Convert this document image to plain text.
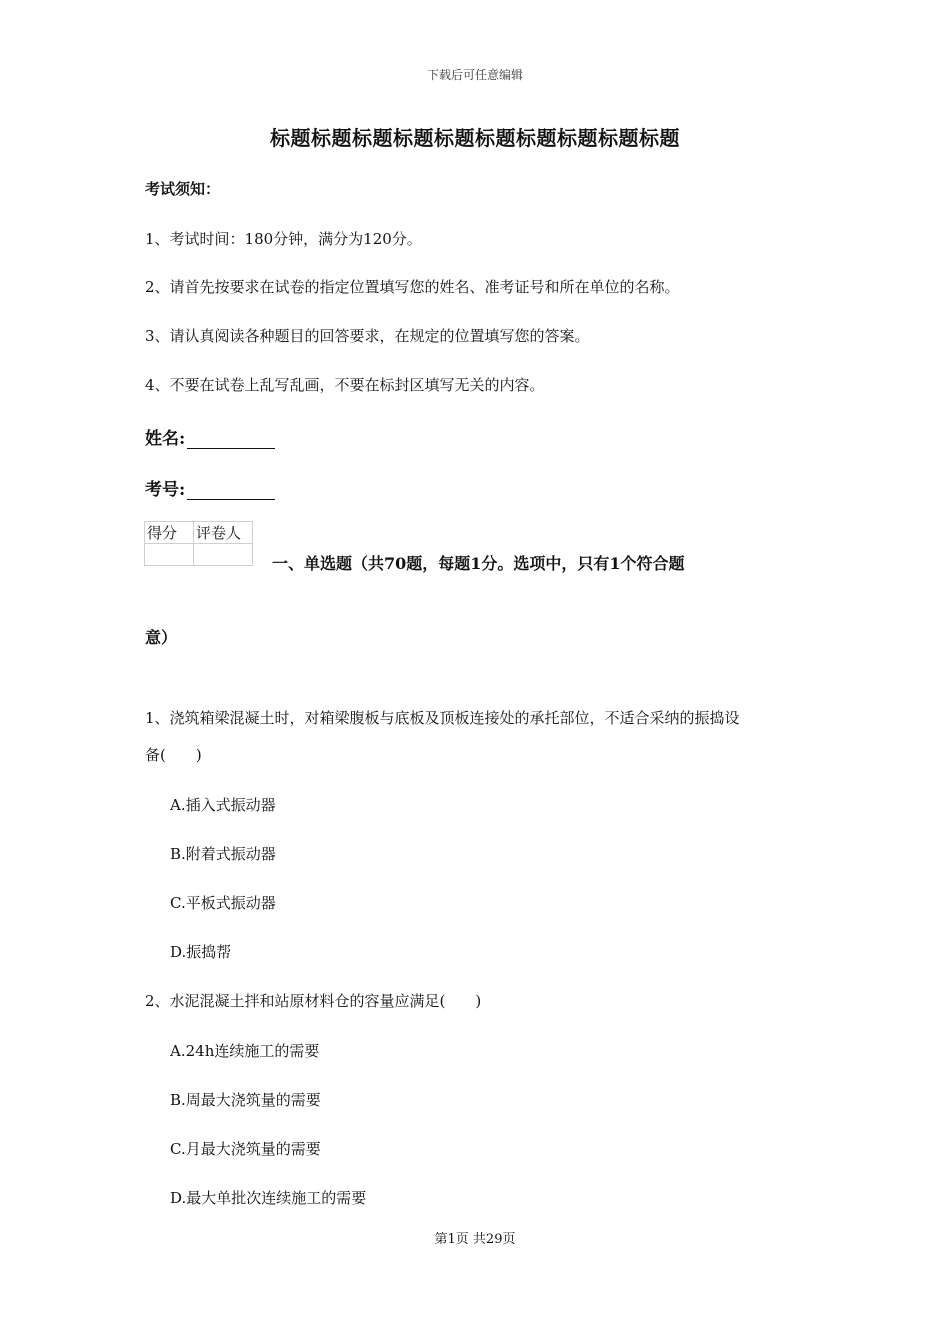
下载后可任意编辑
标题标题标题标题标题标题标题标题标题标题
考试须知：
1、考试时间：180分钟，满分为120分。
2、请首先按要求在试卷的指定位置填写您的姓名、准考证号和所在单位的名称。
3、请认真阅读各种题目的回答要求，在规定的位置填写您的答案。
4、不要在试卷上乱写乱画，不要在标封区填写无关的内容。
姓名:
考号:
得分	评卷人

一、单选题（共70题，每题1分。选项中，只有1个符合题
意）
1、浇筑箱梁混凝土时，对箱梁腹板与底板及顶板连接处的承托部位，不适合采纳的振捣设
备(　　)
A.插入式振动器
B.附着式振动器
C.平板式振动器
D.振捣帮
2、水泥混凝土拌和站原材料仓的容量应满足(　　)
A.24h连续施工的需要
B.周最大浇筑量的需要
C.月最大浇筑量的需要
D.最大单批次连续施工的需要
第1页 共29页
